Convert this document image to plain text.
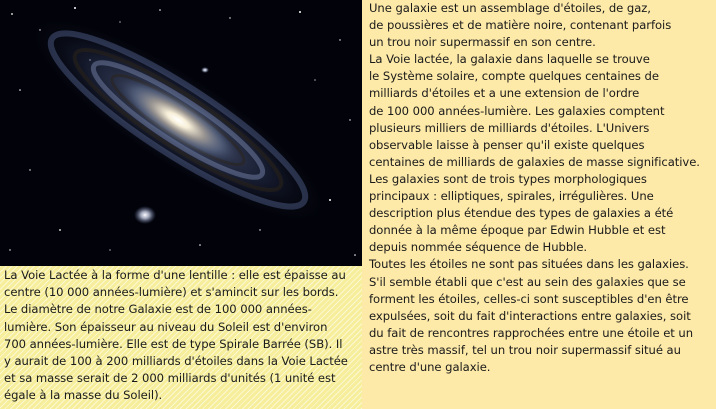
La Voie Lactée à la forme d'une lentille : elle est épaisse au

centre (10 000 années-lumière) et s'amincit sur les bords.

Le diamètre de notre Galaxie est de 100 000 années-

lumière. Son épaisseur au niveau du Soleil est d'environ

700 années-lumière. Elle est de type Spirale Barrée (SB). Il

y aurait de 100 à 200 milliards d'étoiles dans la Voie Lactée

et sa masse serait de 2 000 milliards d'unités (1 unité est

égale à la masse du Soleil).

Une galaxie est un assemblage d'étoiles, de gaz,

de poussières et de matière noire, contenant parfois

un trou noir supermassif en son centre.

La Voie lactée, la galaxie dans laquelle se trouve

le Système solaire, compte quelques centaines de

milliards d'étoiles et a une extension de l'ordre

de 100 000 années-lumière. Les galaxies comptent

plusieurs milliers de milliards d'étoiles. L'Univers

observable laisse à penser qu'il existe quelques

centaines de milliards de galaxies de masse significative.

Les galaxies sont de trois types morphologiques

principaux : elliptiques, spirales, irrégulières. Une

description plus étendue des types de galaxies a été

donnée à la même époque par Edwin Hubble et est

depuis nommée séquence de Hubble.

Toutes les étoiles ne sont pas situées dans les galaxies.

S'il semble établi que c'est au sein des galaxies que se

forment les étoiles, celles-ci sont susceptibles d'en être

expulsées, soit du fait d'interactions entre galaxies, soit

du fait de rencontres rapprochées entre une étoile et un

astre très massif, tel un trou noir supermassif situé au

centre d'une galaxie.
